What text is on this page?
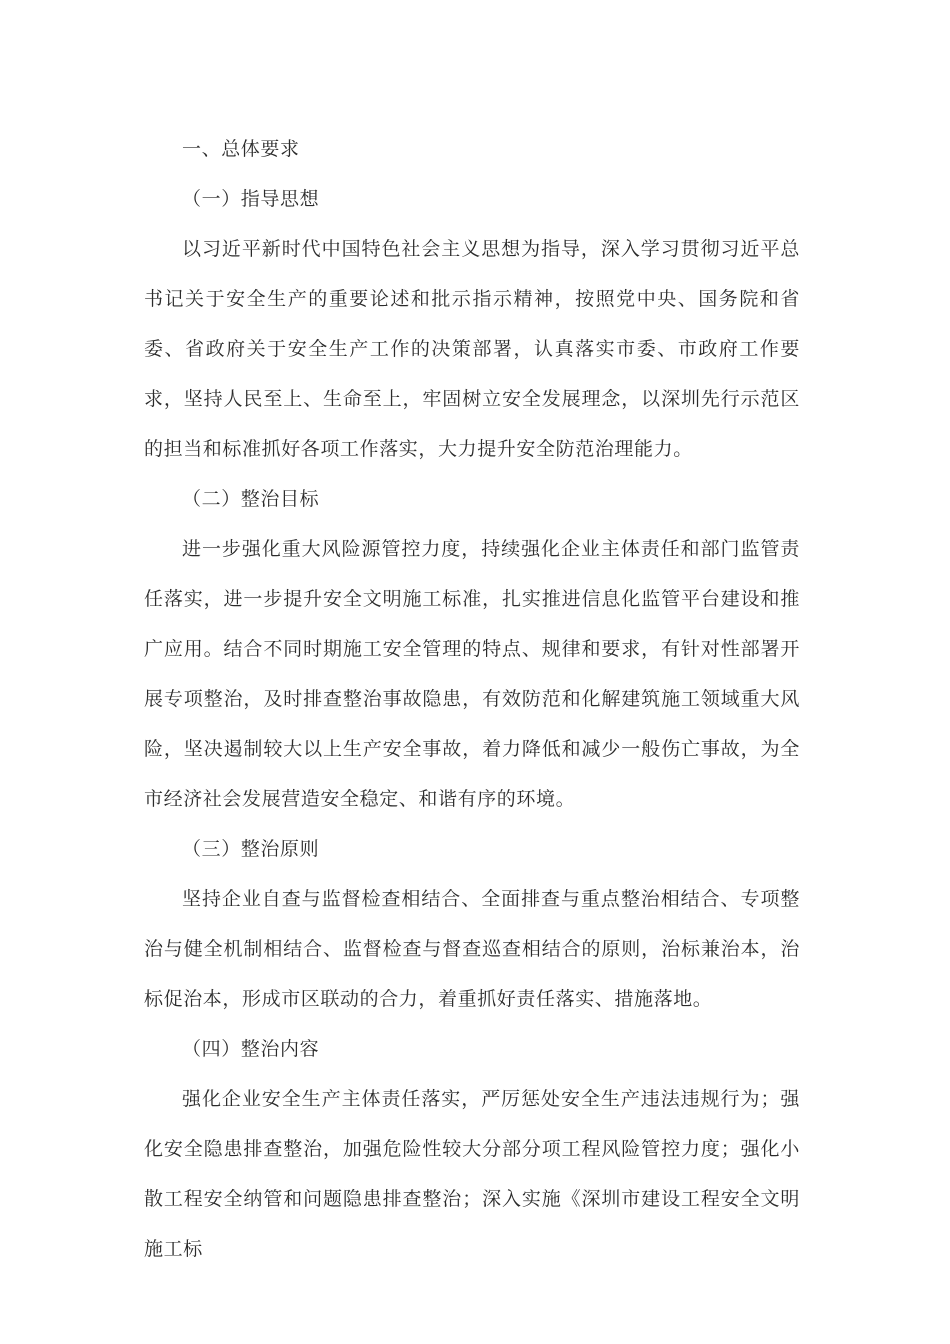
一、总体要求

（一）指导思想

以习近平新时代中国特色社会主义思想为指导，深入学习贯彻习近平总书记关于安全生产的重要论述和批示指示精神，按照党中央、国务院和省委、省政府关于安全生产工作的决策部署，认真落实市委、市政府工作要求，坚持人民至上、生命至上，牢固树立安全发展理念，以深圳先行示范区的担当和标准抓好各项工作落实，大力提升安全防范治理能力。

（二）整治目标

进一步强化重大风险源管控力度，持续强化企业主体责任和部门监管责任落实，进一步提升安全文明施工标准，扎实推进信息化监管平台建设和推广应用。结合不同时期施工安全管理的特点、规律和要求，有针对性部署开展专项整治，及时排查整治事故隐患，有效防范和化解建筑施工领域重大风险，坚决遏制较大以上生产安全事故，着力降低和减少一般伤亡事故，为全市经济社会发展营造安全稳定、和谐有序的环境。

（三）整治原则

坚持企业自查与监督检查相结合、全面排查与重点整治相结合、专项整治与健全机制相结合、监督检查与督查巡查相结合的原则，治标兼治本，治标促治本，形成市区联动的合力，着重抓好责任落实、措施落地。

（四）整治内容

强化企业安全生产主体责任落实，严厉惩处安全生产违法违规行为；强化安全隐患排查整治，加强危险性较大分部分项工程风险管控力度；强化小散工程安全纳管和问题隐患排查整治；深入实施《深圳市建设工程安全文明施工标
